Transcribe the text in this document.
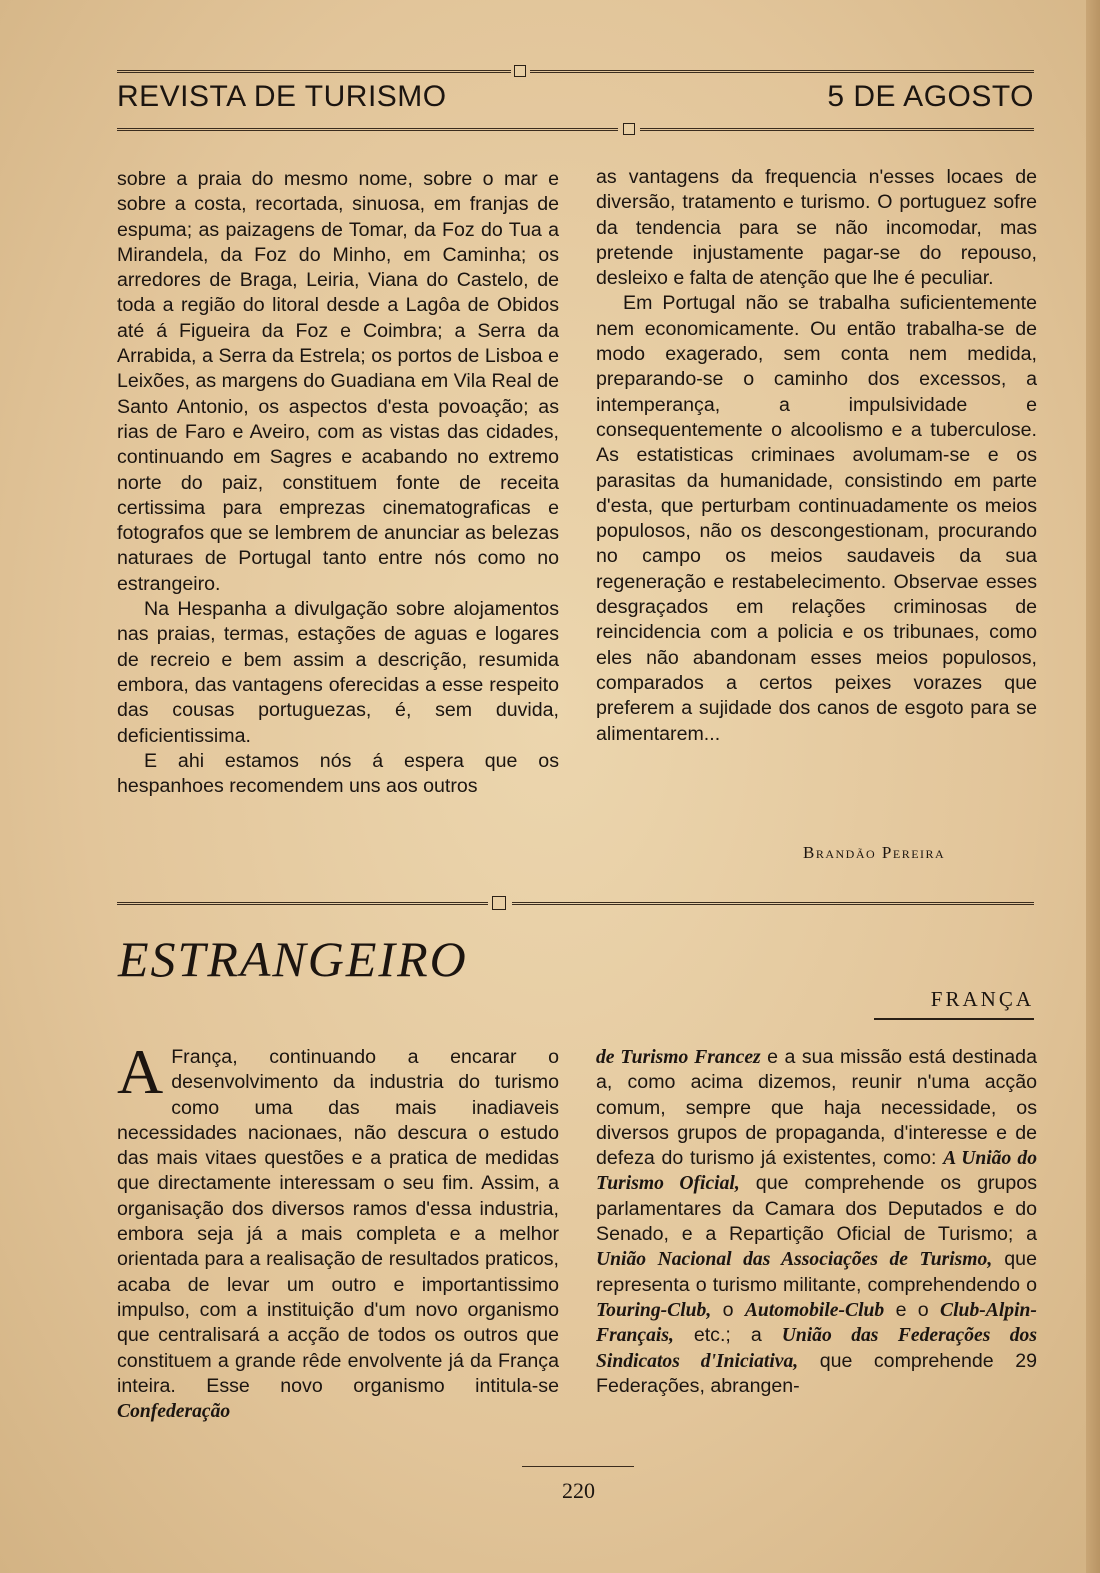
REVISTA DE TURISMO	5 DE AGOSTO

sobre a praia do mesmo nome, sobre o mar e sobre a costa, recortada, sinuosa, em franjas de espuma; as paizagens de Tomar, da Foz do Tua a Mirandela, da Foz do Minho, em Caminha; os arredores de Braga, Leiria, Viana do Castelo, de toda a região do litoral desde a Lagôa de Obidos até á Figueira da Foz e Coimbra; a Serra da Arrabida, a Serra da Estrela; os portos de Lisboa e Leixões, as margens do Guadiana em Vila Real de Santo Antonio, os aspectos d'esta povoação; as rias de Faro e Aveiro, com as vistas das cidades, continuando em Sagres e acabando no extremo norte do paiz, constituem fonte de receita certissima para emprezas cinematograficas e fotografos que se lembrem de anunciar as belezas naturaes de Portugal tanto entre nós como no estrangeiro.

Na Hespanha a divulgação sobre alojamentos nas praias, termas, estações de aguas e logares de recreio e bem assim a descrição, resumida embora, das vantagens oferecidas a esse respeito das cousas portuguezas, é, sem duvida, deficientissima.

E ahi estamos nós á espera que os hespanhoes recomendem uns aos outros

as vantagens da frequencia n'esses locaes de diversão, tratamento e turismo. O portuguez sofre da tendencia para se não incomodar, mas pretende injustamente pagar-se do repouso, desleixo e falta de atenção que lhe é peculiar.

Em Portugal não se trabalha suficientemente nem economicamente. Ou então trabalha-se de modo exagerado, sem conta nem medida, preparando-se o caminho dos excessos, a intemperança, a impulsividade e consequentemente o alcoolismo e a tuberculose. As estatisticas criminaes avolumam-se e os parasitas da humanidade, consistindo em parte d'esta, que perturbam continuadamente os meios populosos, não os descongestionam, procurando no campo os meios saudaveis da sua regeneração e restabelecimento. Observae esses desgraçados em relações criminosas de reincidencia com a policia e os tribunaes, como eles não abandonam esses meios populosos, comparados a certos peixes vorazes que preferem a sujidade dos canos de esgoto para se alimentarem...

Brandão Pereira
ESTRANGEIRO
FRANÇA

A França, continuando a encarar o desenvolvimento da industria do turismo como uma das mais inadiaveis necessidades nacionaes, não descura o estudo das mais vitaes questões e a pratica de medidas que directamente interessam o seu fim. Assim, a organisação dos diversos ramos d'essa industria, embora seja já a mais completa e a melhor orientada para a realisação de resultados praticos, acaba de levar um outro e importantissimo impulso, com a instituição d'um novo organismo que centralisará a acção de todos os outros que constituem a grande rêde envolvente já da França inteira. Esse novo organismo intitula-se Confederação

de Turismo Francez e a sua missão está destinada a, como acima dizemos, reunir n'uma acção comum, sempre que haja necessidade, os diversos grupos de propaganda, d'interesse e de defeza do turismo já existentes, como: A União do Turismo Oficial, que comprehende os grupos parlamentares da Camara dos Deputados e do Senado, e a Repartição Oficial de Turismo; a União Nacional das Associações de Turismo, que representa o turismo militante, comprehendendo o Touring-Club, o Automobile-Club e o Club-Alpin-Français, etc.; a União das Federações dos Sindicatos d'Iniciativa, que comprehende 29 Federações, abrangen-

220
